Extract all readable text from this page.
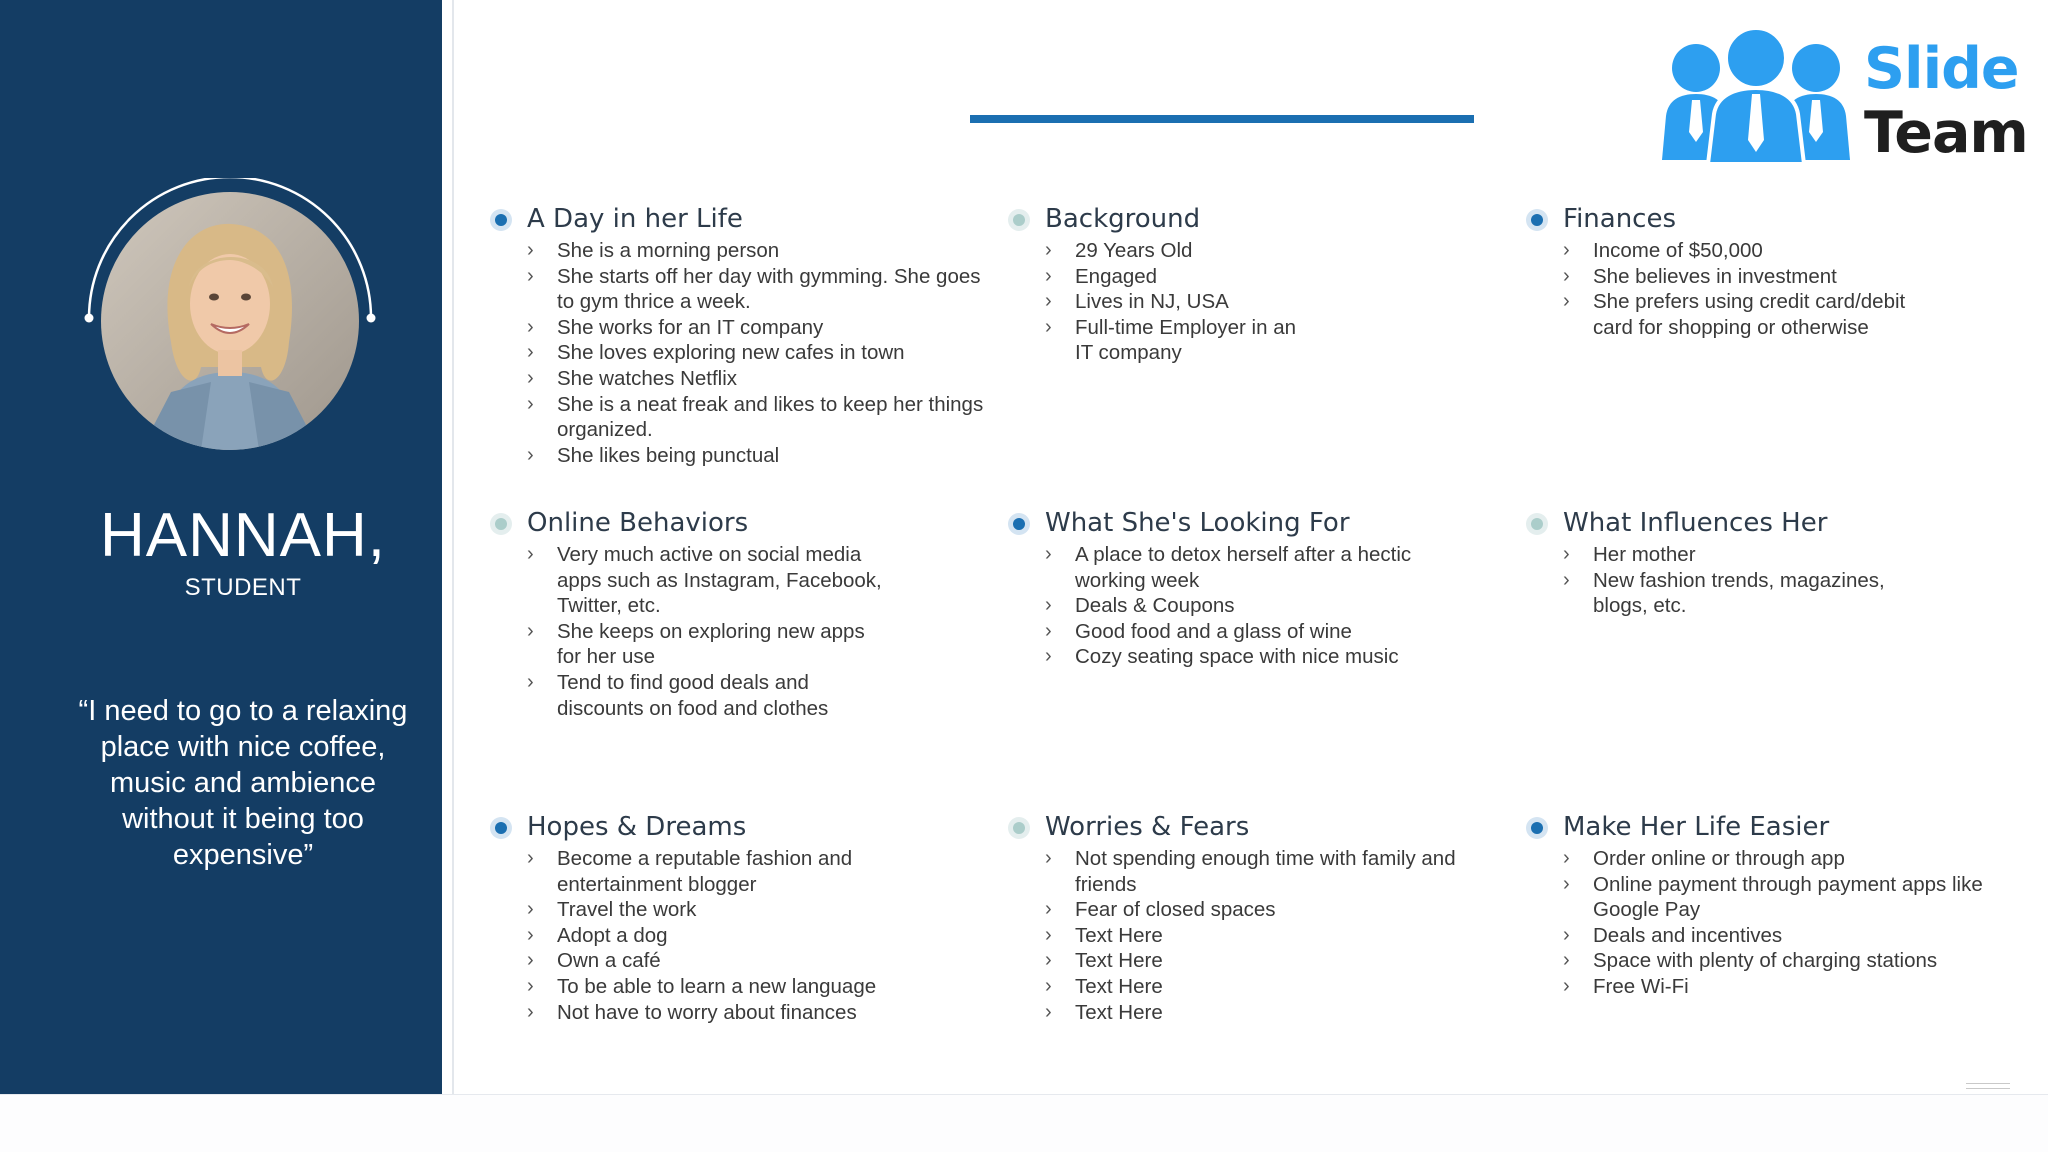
HANNAH,
STUDENT
“I need to go to a relaxing place with nice coffee, music and ambience without it being too expensive”
Slide
Team
A Day in her Life
› She is a morning person
› She starts off her day with gymming. She goes to gym thrice a week.
› She works for an IT company
› She loves exploring new cafes in town
› She watches Netflix
› She is a neat freak and likes to keep her things organized.
› She likes being punctual
Background
› 29 Years Old
› Engaged
› Lives in NJ, USA
› Full-time Employer in an IT company
Finances
› Income of $50,000
› She believes in investment
› She prefers using credit card/debit card for shopping or otherwise
Online Behaviors
› Very much active on social media apps such as Instagram, Facebook, Twitter, etc.
› She keeps on exploring new apps for her use
› Tend to find good deals and discounts on food and clothes
What She's Looking For
› A place to detox herself after a hectic working week
› Deals & Coupons
› Good food and a glass of wine
› Cozy seating space with nice music
What Influences Her
› Her mother
› New fashion trends, magazines, blogs, etc.
Hopes & Dreams
› Become a reputable fashion and entertainment blogger
› Travel the work
› Adopt a dog
› Own a café
› To be able to learn a new language
› Not have to worry about finances
Worries & Fears
› Not spending enough time with family and friends
› Fear of closed spaces
› Text Here
› Text Here
› Text Here
› Text Here
Make Her Life Easier
› Order online or through app
› Online payment through payment apps like Google Pay
› Deals and incentives
› Space with plenty of charging stations
› Free Wi-Fi
